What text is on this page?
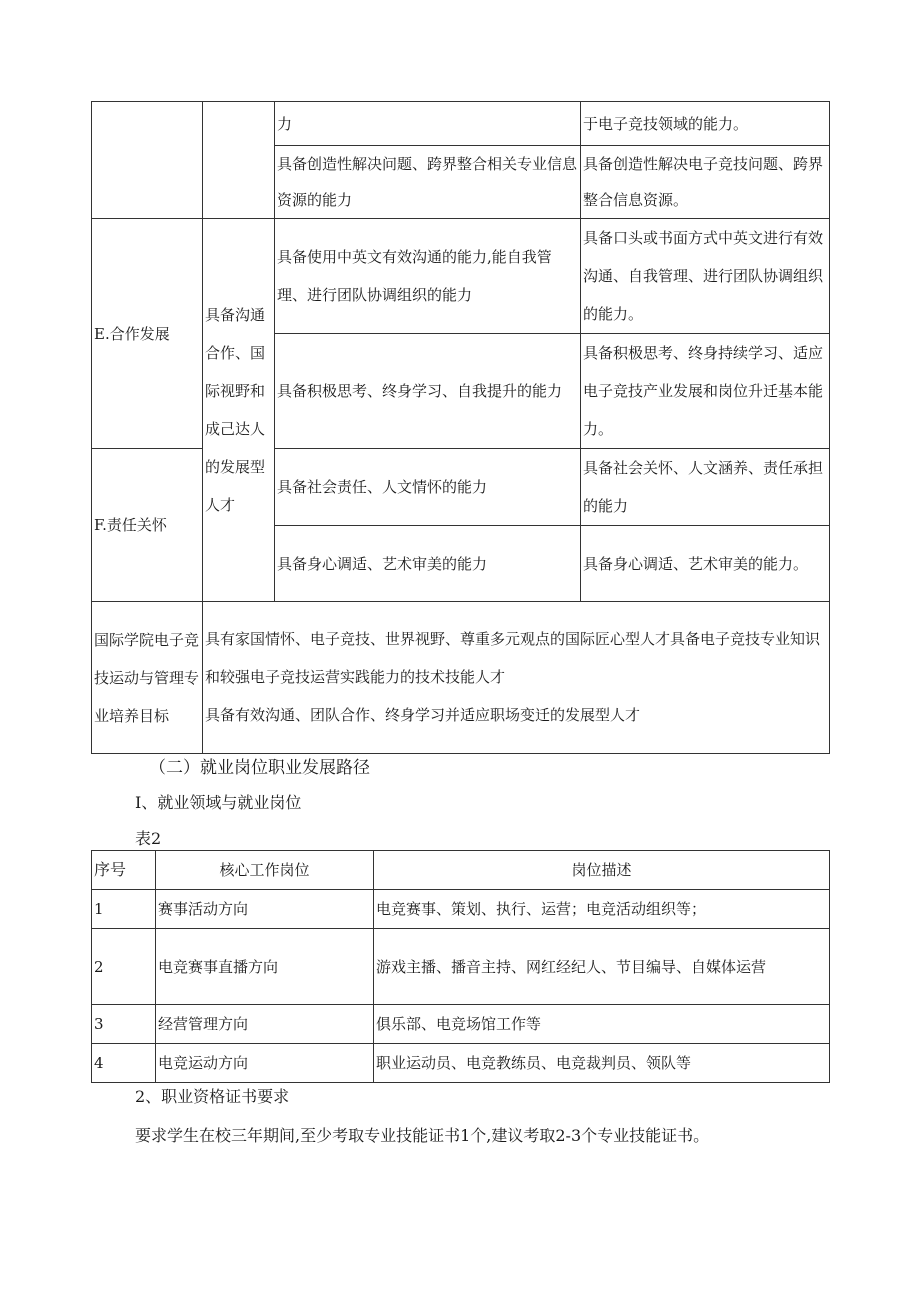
		力	于电子竞技领域的能力。
		具备创造性解决问题、跨界整合相关专业信息资源的能力	具备创造性解决电子竞技问题、跨界整合信息资源。
E.合作发展	具备沟通合作、国际视野和成己达人的发展型人才	具备使用中英文有效沟通的能力,能自我管理、进行团队协调组织的能力	具备口头或书面方式中英文进行有效沟通、自我管理、进行团队协调组织的能力。
		具备积极思考、终身学习、自我提升的能力	具备积极思考、终身持续学习、适应电子竞技产业发展和岗位升迁基本能力。
F.责任关怀		具备社会责任、人文情怀的能力	具备社会关怀、人文涵养、责任承担的能力
		具备身心调适、艺术审美的能力	具备身心调适、艺术审美的能力。
国际学院电子竞技运动与管理专业培养目标	具有家国情怀、电子竞技、世界视野、尊重多元观点的国际匠心型人才具备电子竞技专业知识和较强电子竞技运营实践能力的技术技能人才
具备有效沟通、团队合作、终身学习并适应职场变迁的发展型人才		
（二）就业岗位职业发展路径
I、就业领域与就业岗位
表2
序号	核心工作岗位	岗位描述
1	赛事活动方向	电竞赛事、策划、执行、运营；电竞活动组织等；
2	电竞赛事直播方向	游戏主播、播音主持、网红经纪人、节目编导、自媒体运营
3	经营管理方向	俱乐部、电竞场馆工作等
4	电竞运动方向	职业运动员、电竞教练员、电竞裁判员、领队等
2、职业资格证书要求
要求学生在校三年期间,至少考取专业技能证书1个,建议考取2-3个专业技能证书。
